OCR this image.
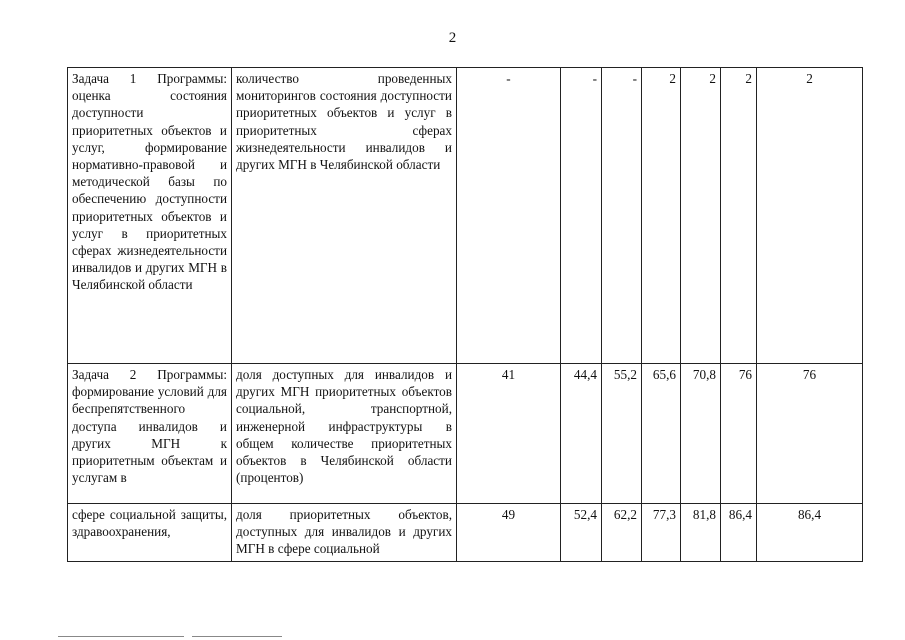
2
Задача 1 Программы: оценка состояния доступности приоритетных объектов и услуг, формирование нормативно-правовой и методической базы по обеспечению доступности приоритетных объектов и услуг в приоритетных сферах жизнедеятельности инвалидов и других МГН в Челябинской области	количество проведенных мониторингов состояния доступности приоритетных объектов и услуг в приоритетных сферах жизнедеятельности инвалидов и других МГН в Челябинской области	-	-	-	2	2	2	2
Задача 2 Программы: формирование условий для беспрепятственного доступа инвалидов и других МГН к приоритетным объектам и услугам в	доля доступных для инвалидов и других МГН приоритетных объектов социальной, транспортной, инженерной инфраструктуры в общем количестве приоритетных объектов в Челябинской области (процентов)	41	44,4	55,2	65,6	70,8	76	76
сфере социальной защиты, здравоохранения,	доля приоритетных объектов, доступных для инвалидов и других МГН в сфере социальной	49	52,4	62,2	77,3	81,8	86,4	86,4
